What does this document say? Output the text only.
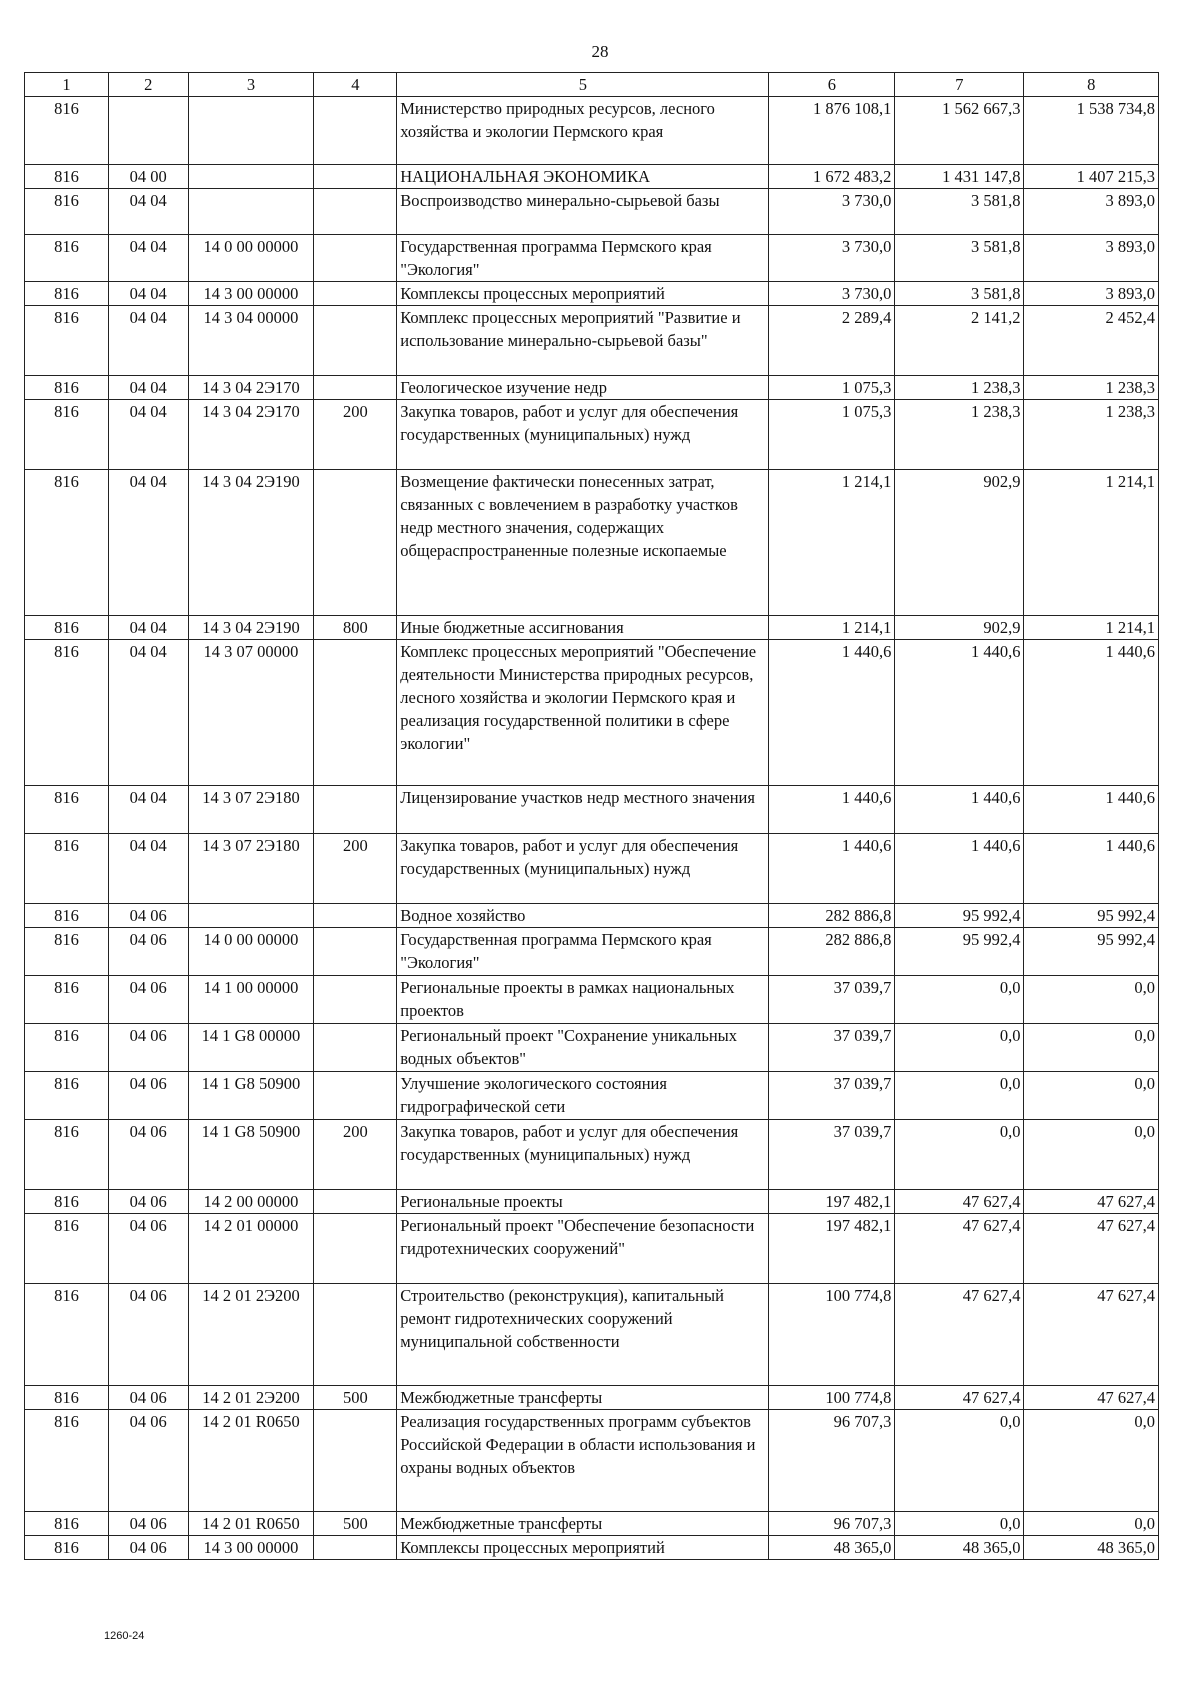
28
1	2	3	4	5	6	7	8
816				Министерство природных ресурсов, лесного хозяйства и экологии Пермского края	1 876 108,1	1 562 667,3	1 538 734,8
816	04 00			НАЦИОНАЛЬНАЯ ЭКОНОМИКА	1 672 483,2	1 431 147,8	1 407 215,3
816	04 04			Воспроизводство минерально-сырьевой базы	3 730,0	3 581,8	3 893,0
816	04 04	14 0 00 00000		Государственная программа Пермского края "Экология"	3 730,0	3 581,8	3 893,0
816	04 04	14 3 00 00000		Комплексы процессных мероприятий	3 730,0	3 581,8	3 893,0
816	04 04	14 3 04 00000		Комплекс процессных мероприятий "Развитие и использование минерально-сырьевой базы"	2 289,4	2 141,2	2 452,4
816	04 04	14 3 04 2Э170		Геологическое изучение недр	1 075,3	1 238,3	1 238,3
816	04 04	14 3 04 2Э170	200	Закупка товаров, работ и услуг для обеспечения государственных (муниципальных) нужд	1 075,3	1 238,3	1 238,3
816	04 04	14 3 04 2Э190		Возмещение фактически понесенных затрат, связанных с вовлечением в разработку участков недр местного значения, содержащих общераспространенные полезные ископаемые	1 214,1	902,9	1 214,1
816	04 04	14 3 04 2Э190	800	Иные бюджетные ассигнования	1 214,1	902,9	1 214,1
816	04 04	14 3 07 00000		Комплекс процессных мероприятий "Обеспечение деятельности Министерства природных ресурсов, лесного хозяйства и экологии Пермского края и реализация государственной политики в сфере экологии"	1 440,6	1 440,6	1 440,6
816	04 04	14 3 07 2Э180		Лицензирование участков недр местного значения	1 440,6	1 440,6	1 440,6
816	04 04	14 3 07 2Э180	200	Закупка товаров, работ и услуг для обеспечения государственных (муниципальных) нужд	1 440,6	1 440,6	1 440,6
816	04 06			Водное хозяйство	282 886,8	95 992,4	95 992,4
816	04 06	14 0 00 00000		Государственная программа Пермского края "Экология"	282 886,8	95 992,4	95 992,4
816	04 06	14 1 00 00000		Региональные проекты в рамках национальных проектов	37 039,7	0,0	0,0
816	04 06	14 1 G8 00000		Региональный проект "Сохранение уникальных водных объектов"	37 039,7	0,0	0,0
816	04 06	14 1 G8 50900		Улучшение экологического состояния гидрографической сети	37 039,7	0,0	0,0
816	04 06	14 1 G8 50900	200	Закупка товаров, работ и услуг для обеспечения государственных (муниципальных) нужд	37 039,7	0,0	0,0
816	04 06	14 2 00 00000		Региональные проекты	197 482,1	47 627,4	47 627,4
816	04 06	14 2 01 00000		Региональный проект "Обеспечение безопасности гидротехнических сооружений"	197 482,1	47 627,4	47 627,4
816	04 06	14 2 01 2Э200		Строительство (реконструкция), капитальный ремонт гидротехнических сооружений муниципальной собственности	100 774,8	47 627,4	47 627,4
816	04 06	14 2 01 2Э200	500	Межбюджетные трансферты	100 774,8	47 627,4	47 627,4
816	04 06	14 2 01 R0650		Реализация государственных программ субъектов Российской Федерации в области использования и охраны водных объектов	96 707,3	0,0	0,0
816	04 06	14 2 01 R0650	500	Межбюджетные трансферты	96 707,3	0,0	0,0
816	04 06	14 3 00 00000		Комплексы процессных мероприятий	48 365,0	48 365,0	48 365,0
1260-24
